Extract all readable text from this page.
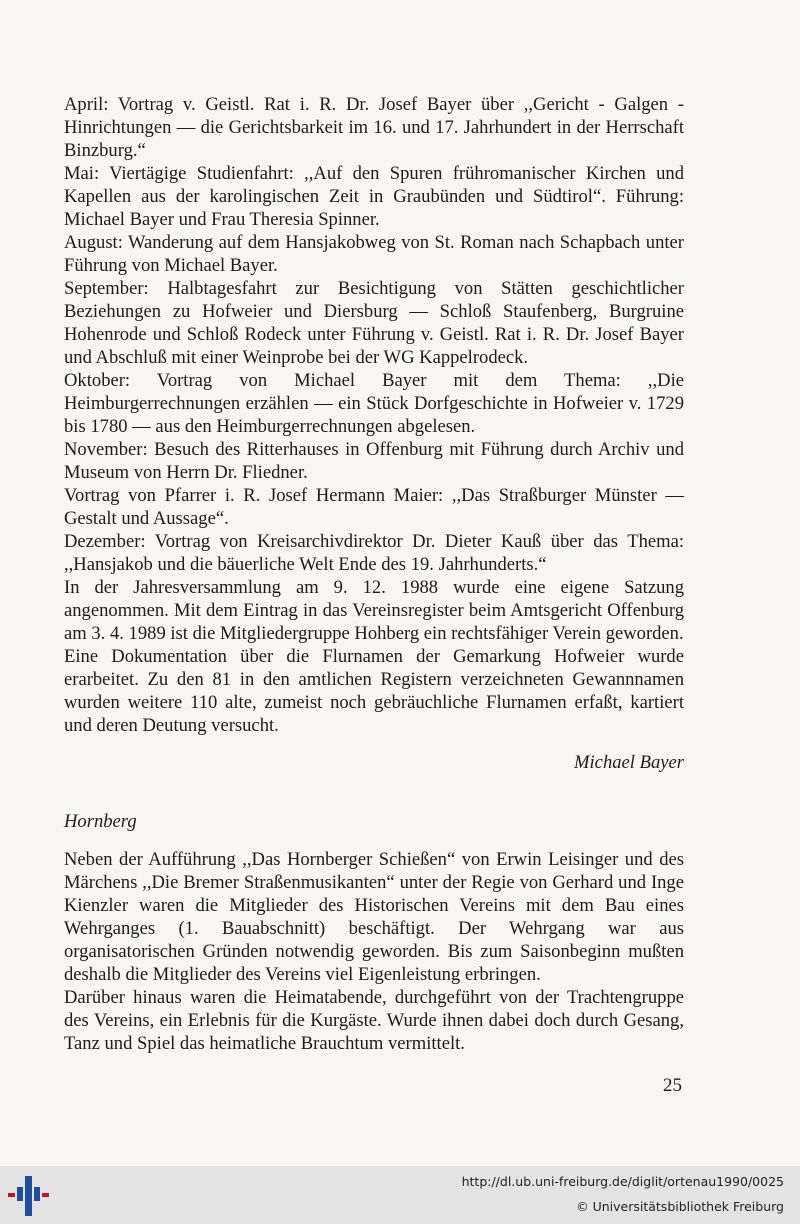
April: Vortrag v. Geistl. Rat i. R. Dr. Josef Bayer über ,,Gericht - Galgen - Hinrichtungen — die Gerichtsbarkeit im 16. und 17. Jahrhundert in der Herrschaft Binzburg.“

Mai: Viertägige Studienfahrt: ,,Auf den Spuren frühromanischer Kirchen und Kapellen aus der karolingischen Zeit in Graubünden und Südtirol“. Führung: Michael Bayer und Frau Theresia Spinner.

August: Wanderung auf dem Hansjakobweg von St. Roman nach Schapbach unter Führung von Michael Bayer.

September: Halbtagesfahrt zur Besichtigung von Stätten geschichtlicher Beziehungen zu Hofweier und Diersburg — Schloß Staufenberg, Burgruine Hohenrode und Schloß Rodeck unter Führung v. Geistl. Rat i. R. Dr. Josef Bayer und Abschluß mit einer Weinprobe bei der WG Kappelrodeck.

Oktober: Vortrag von Michael Bayer mit dem Thema: ,,Die Heimburgerrechnungen erzählen — ein Stück Dorfgeschichte in Hofweier v. 1729 bis 1780 — aus den Heimburgerrechnungen abgelesen.

November: Besuch des Ritterhauses in Offenburg mit Führung durch Archiv und Museum von Herrn Dr. Fliedner.

Vortrag von Pfarrer i. R. Josef Hermann Maier: ,,Das Straßburger Münster — Gestalt und Aussage“.

Dezember: Vortrag von Kreisarchivdirektor Dr. Dieter Kauß über das Thema: ,,Hansjakob und die bäuerliche Welt Ende des 19. Jahrhunderts.“

In der Jahresversammlung am 9. 12. 1988 wurde eine eigene Satzung angenommen. Mit dem Eintrag in das Vereinsregister beim Amtsgericht Offenburg am 3. 4. 1989 ist die Mitgliedergruppe Hohberg ein rechtsfähiger Verein geworden.

Eine Dokumentation über die Flurnamen der Gemarkung Hofweier wurde erarbeitet. Zu den 81 in den amtlichen Registern verzeichneten Gewannnamen wurden weitere 110 alte, zumeist noch gebräuchliche Flurnamen erfaßt, kartiert und deren Deutung versucht.

Michael Bayer

Hornberg

Neben der Aufführung ,,Das Hornberger Schießen“ von Erwin Leisinger und des Märchens ,,Die Bremer Straßenmusikanten“ unter der Regie von Gerhard und Inge Kienzler waren die Mitglieder des Historischen Vereins mit dem Bau eines Wehrganges (1. Bauabschnitt) beschäftigt. Der Wehrgang war aus organisatorischen Gründen notwendig geworden. Bis zum Saisonbeginn mußten deshalb die Mitglieder des Vereins viel Eigenleistung erbringen.

Darüber hinaus waren die Heimatabende, durchgeführt von der Trachtengruppe des Vereins, ein Erlebnis für die Kurgäste. Wurde ihnen dabei doch durch Gesang, Tanz und Spiel das heimatliche Brauchtum vermittelt.

25
http://dl.ub.uni-freiburg.de/diglit/ortenau1990/0025
© Universitätsbibliothek Freiburg
